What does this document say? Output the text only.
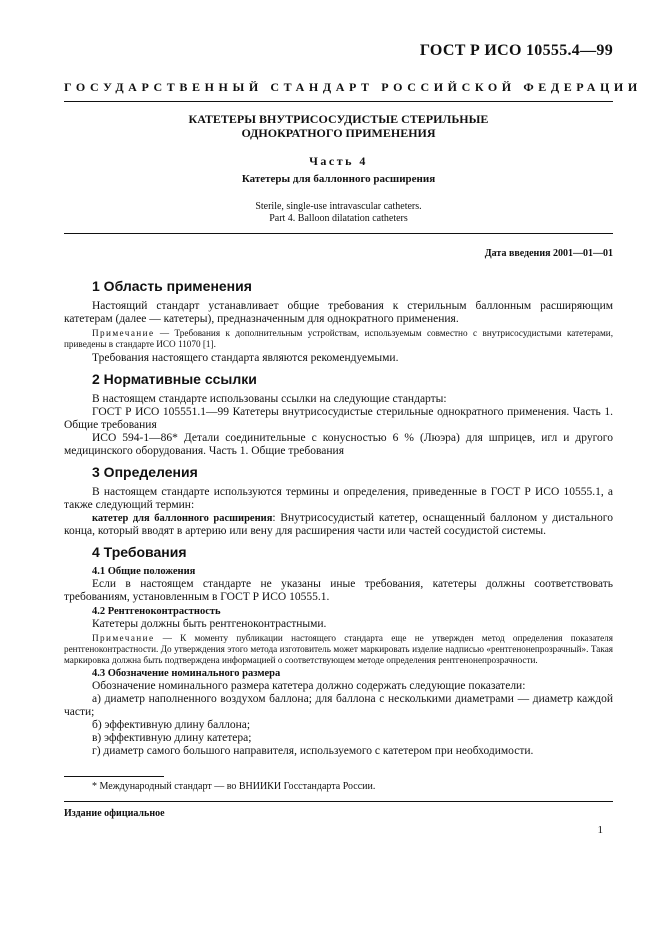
ГОСТ Р ИСО 10555.4—99
ГОСУДАРСТВЕННЫЙ СТАНДАРТ РОССИЙСКОЙ ФЕДЕРАЦИИ
КАТЕТЕРЫ ВНУТРИСОСУДИСТЫЕ СТЕРИЛЬНЫЕ
ОДНОКРАТНОГО ПРИМЕНЕНИЯ
Часть 4
Катетеры для баллонного расширения
Sterile, single-use intravascular catheters.
Part 4. Balloon dilatation catheters
Дата введения 2001—01—01
1 Область применения

Настоящий стандарт устанавливает общие требования к стерильным баллонным расширяющим катетерам (далее — катетеры), предназначенным для однократного применения.

Примечание — Требования к дополнительным устройствам, используемым совместно с внутрисосудистыми катетерами, приведены в стандарте ИСО 11070 [1].

Требования настоящего стандарта являются рекомендуемыми.

2 Нормативные ссылки

В настоящем стандарте использованы ссылки на следующие стандарты:

ГОСТ Р ИСО 105551.1—99 Катетеры внутрисосудистые стерильные однократного применения. Часть 1. Общие требования

ИСО 594-1—86* Детали соединительные с конусностью 6 % (Люэра) для шприцев, игл и другого медицинского оборудования. Часть 1. Общие требования

3 Определения

В настоящем стандарте используются термины и определения, приведенные в ГОСТ Р ИСО 10555.1, а также следующий термин:

катетер для баллонного расширения: Внутрисосудистый катетер, оснащенный баллоном у дистального конца, который вводят в артерию или вену для расширения части или частей сосудистой системы.

4 Требования
4.1 Общие положения

Если в настоящем стандарте не указаны иные требования, катетеры должны соответствовать требованиям, установленным в ГОСТ Р ИСО 10555.1.

4.2 Рентгеноконтрастность

Катетеры должны быть рентгеноконтрастными.

Примечание — К моменту публикации настоящего стандарта еще не утвержден метод определения показателя рентгеноконтрастности. До утверждения этого метода изготовитель может маркировать изделие надписью «рентгенонепрозрачный». Такая маркировка должна быть подтверждена информацией о соответствующем методе определения рентгенонепрозрачности.

4.3 Обозначение номинального размера

Обозначение номинального размера катетера должно содержать следующие показатели:

а) диаметр наполненного воздухом баллона; для баллона с несколькими диаметрами — диаметр каждой части;

б) эффективную длину баллона;

в) эффективную длину катетера;

г) диаметр самого большого направителя, используемого с катетером при необходимости.

* Международный стандарт — во ВНИИКИ Госстандарта России.
Издание официальное
1
